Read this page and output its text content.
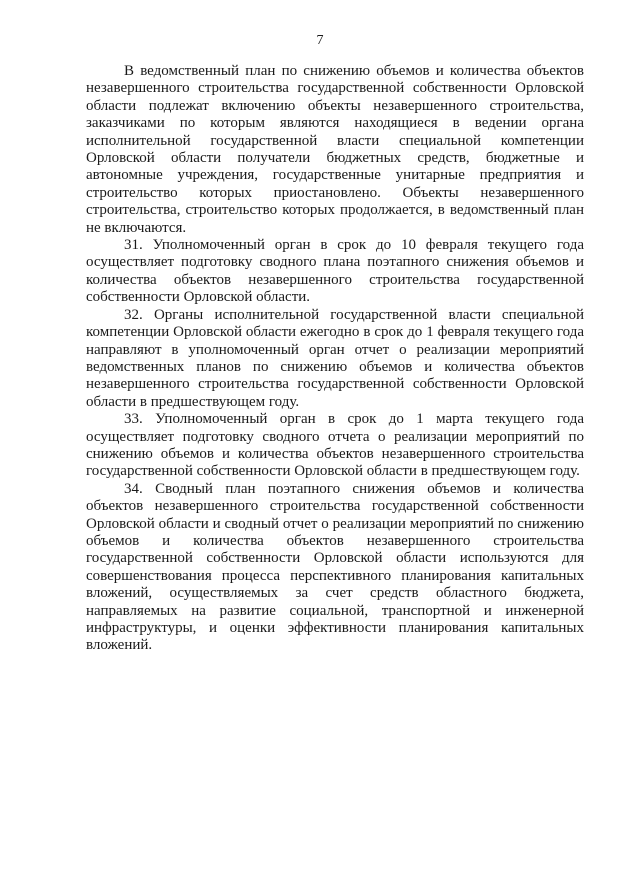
7

В ведомственный план по снижению объемов и количества объектов незавершенного строительства государственной собственности Орловской области подлежат включению объекты незавершенного строительства, заказчиками по которым являются находящиеся в ведении органа исполнительной государственной власти специальной компетенции Орловской области получатели бюджетных средств, бюджетные и автономные учреждения, государственные унитарные предприятия и строительство которых приостановлено. Объекты незавершенного строительства, строительство которых продолжается, в ведомственный план не включаются.

31. Уполномоченный орган в срок до 10 февраля текущего года осуществляет подготовку сводного плана поэтапного снижения объемов и количества объектов незавершенного строительства государственной собственности Орловской области.

32. Органы исполнительной государственной власти специальной компетенции Орловской области ежегодно в срок до 1 февраля текущего года направляют в уполномоченный орган отчет о реализации мероприятий ведомственных планов по снижению объемов и количества объектов незавершенного строительства государственной собственности Орловской области в предшествующем году.

33. Уполномоченный орган в срок до 1 марта текущего года осуществляет подготовку сводного отчета о реализации мероприятий по снижению объемов и количества объектов незавершенного строительства государственной собственности Орловской области в предшествующем году.

34. Сводный план поэтапного снижения объемов и количества объектов незавершенного строительства государственной собственности Орловской области и сводный отчет о реализации мероприятий по снижению объемов и количества объектов незавершенного строительства государственной собственности Орловской области используются для совершенствования процесса перспективного планирования капитальных вложений, осуществляемых за счет средств областного бюджета, направляемых на развитие социальной, транспортной и инженерной инфраструктуры, и оценки эффективности планирования капитальных вложений.
